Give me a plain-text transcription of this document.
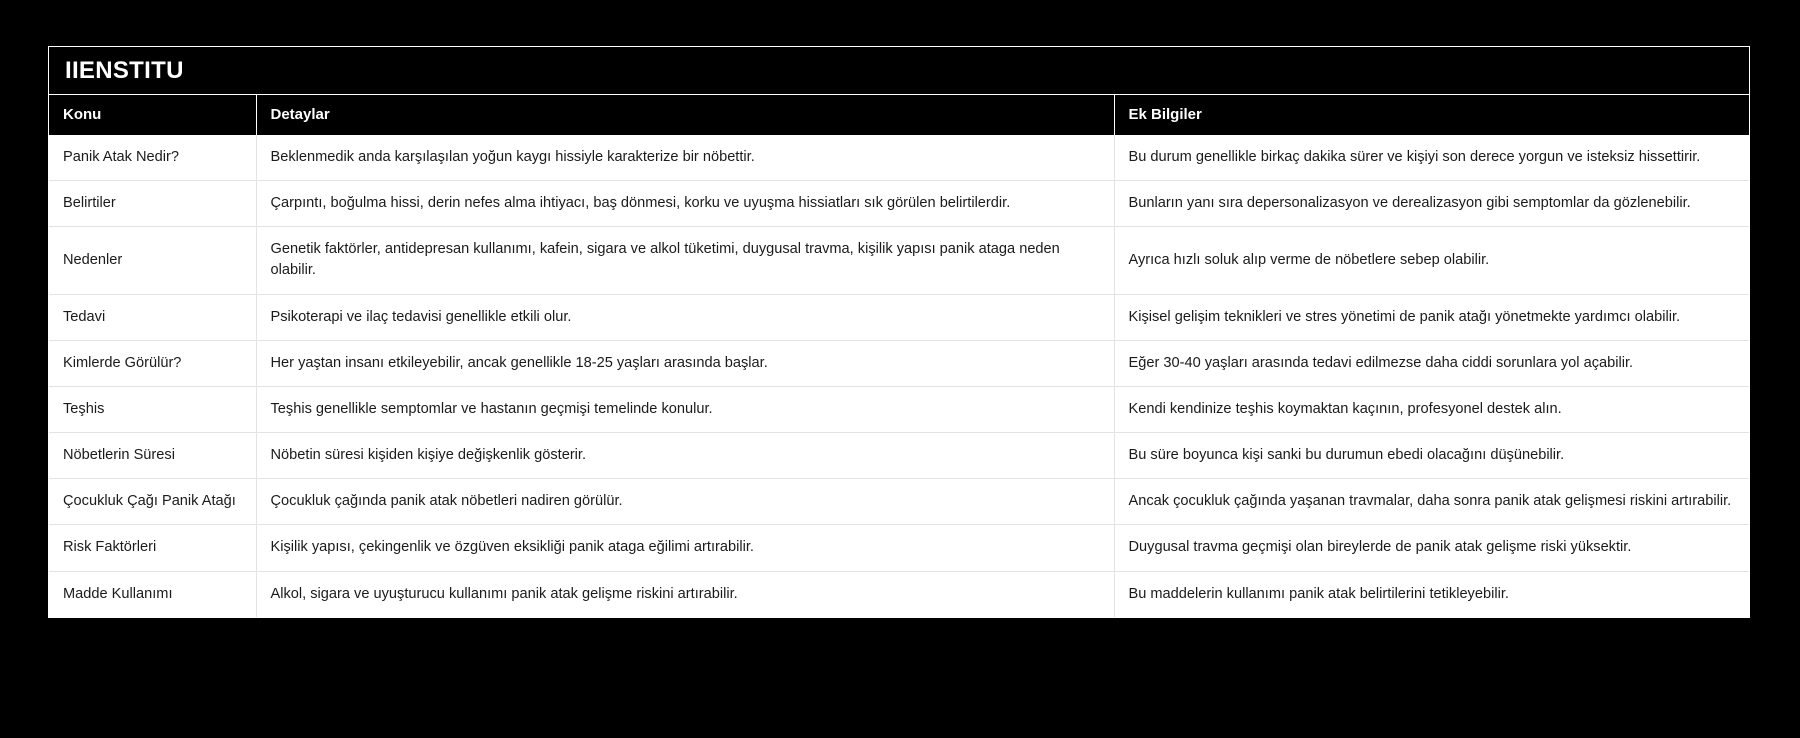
IIENSTITU
Konu	Detaylar	Ek Bilgiler
Panik Atak Nedir?	Beklenmedik anda karşılaşılan yoğun kaygı hissiyle karakterize bir nöbettir.	Bu durum genellikle birkaç dakika sürer ve kişiyi son derece yorgun ve isteksiz hissettirir.
Belirtiler	Çarpıntı, boğulma hissi, derin nefes alma ihtiyacı, baş dönmesi, korku ve uyuşma hissiatları sık görülen belirtilerdir.	Bunların yanı sıra depersonalizasyon ve derealizasyon gibi semptomlar da gözlenebilir.
Nedenler	Genetik faktörler, antidepresan kullanımı, kafein, sigara ve alkol tüketimi, duygusal travma, kişilik yapısı panik ataga neden olabilir.	Ayrıca hızlı soluk alıp verme de nöbetlere sebep olabilir.
Tedavi	Psikoterapi ve ilaç tedavisi genellikle etkili olur.	Kişisel gelişim teknikleri ve stres yönetimi de panik atağı yönetmekte yardımcı olabilir.
Kimlerde Görülür?	Her yaştan insanı etkileyebilir, ancak genellikle 18-25 yaşları arasında başlar.	Eğer 30-40 yaşları arasında tedavi edilmezse daha ciddi sorunlara yol açabilir.
Teşhis	Teşhis genellikle semptomlar ve hastanın geçmişi temelinde konulur.	Kendi kendinize teşhis koymaktan kaçının, profesyonel destek alın.
Nöbetlerin Süresi	Nöbetin süresi kişiden kişiye değişkenlik gösterir.	Bu süre boyunca kişi sanki bu durumun ebedi olacağını düşünebilir.
Çocukluk Çağı Panik Atağı	Çocukluk çağında panik atak nöbetleri nadiren görülür.	Ancak çocukluk çağında yaşanan travmalar, daha sonra panik atak gelişmesi riskini artırabilir.
Risk Faktörleri	Kişilik yapısı, çekingenlik ve özgüven eksikliği panik ataga eğilimi artırabilir.	Duygusal travma geçmişi olan bireylerde de panik atak gelişme riski yüksektir.
Madde Kullanımı	Alkol, sigara ve uyuşturucu kullanımı panik atak gelişme riskini artırabilir.	Bu maddelerin kullanımı panik atak belirtilerini tetikleyebilir.
